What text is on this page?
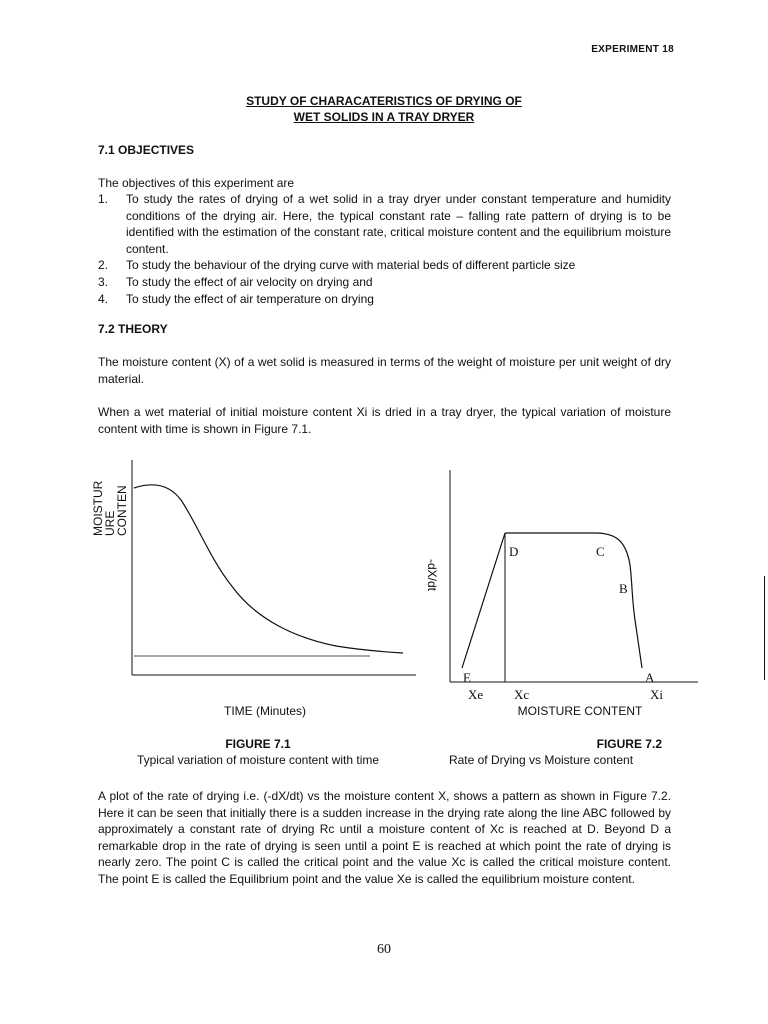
EXPERIMENT 18
STUDY OF CHARACATERISTICS OF DRYING OF
WET SOLIDS IN A TRAY DRYER
7.1 OBJECTIVES
The objectives of this experiment are
1. To study the rates of drying of a wet solid in a tray dryer under constant temperature and humidity conditions of the drying air. Here, the typical constant rate – falling rate pattern of drying is to be identified with the estimation of the constant rate, critical moisture content and the equilibrium moisture content.
2. To study the behaviour of the drying curve with material beds of different particle size
3. To study the effect of air velocity on drying and
4. To study the effect of air temperature on drying
7.2 THEORY
The moisture content (X) of a wet solid is measured in terms of the weight of moisture per unit weight of dry material.
When a wet material of initial moisture content Xi is dried in a tray dryer, the typical variation of moisture content with time is shown in Figure 7.1.
MOISTUR
URE
CONTEN
TIME (Minutes)
FIGURE 7.1
Typical variation of moisture content with time
-dX/dt
D	C
B
E	A
Xe Xc	Xi
MOISTURE CONTENT
FIGURE 7.2
Rate of Drying vs Moisture content
A plot of the rate of drying i.e. (-dX/dt) vs the moisture content X, shows a pattern as shown in Figure 7.2. Here it can be seen that initially there is a sudden increase in the drying rate along the line ABC followed by approximately a constant rate of drying Rc until a moisture content of Xc is reached at D. Beyond D a remarkable drop in the rate of drying is seen until a point E is reached at which point the rate of drying is nearly zero. The point C is called the critical point and the value Xc is called the critical moisture content. The point E is called the Equilibrium point and the value Xe is called the equilibrium moisture content.
60
